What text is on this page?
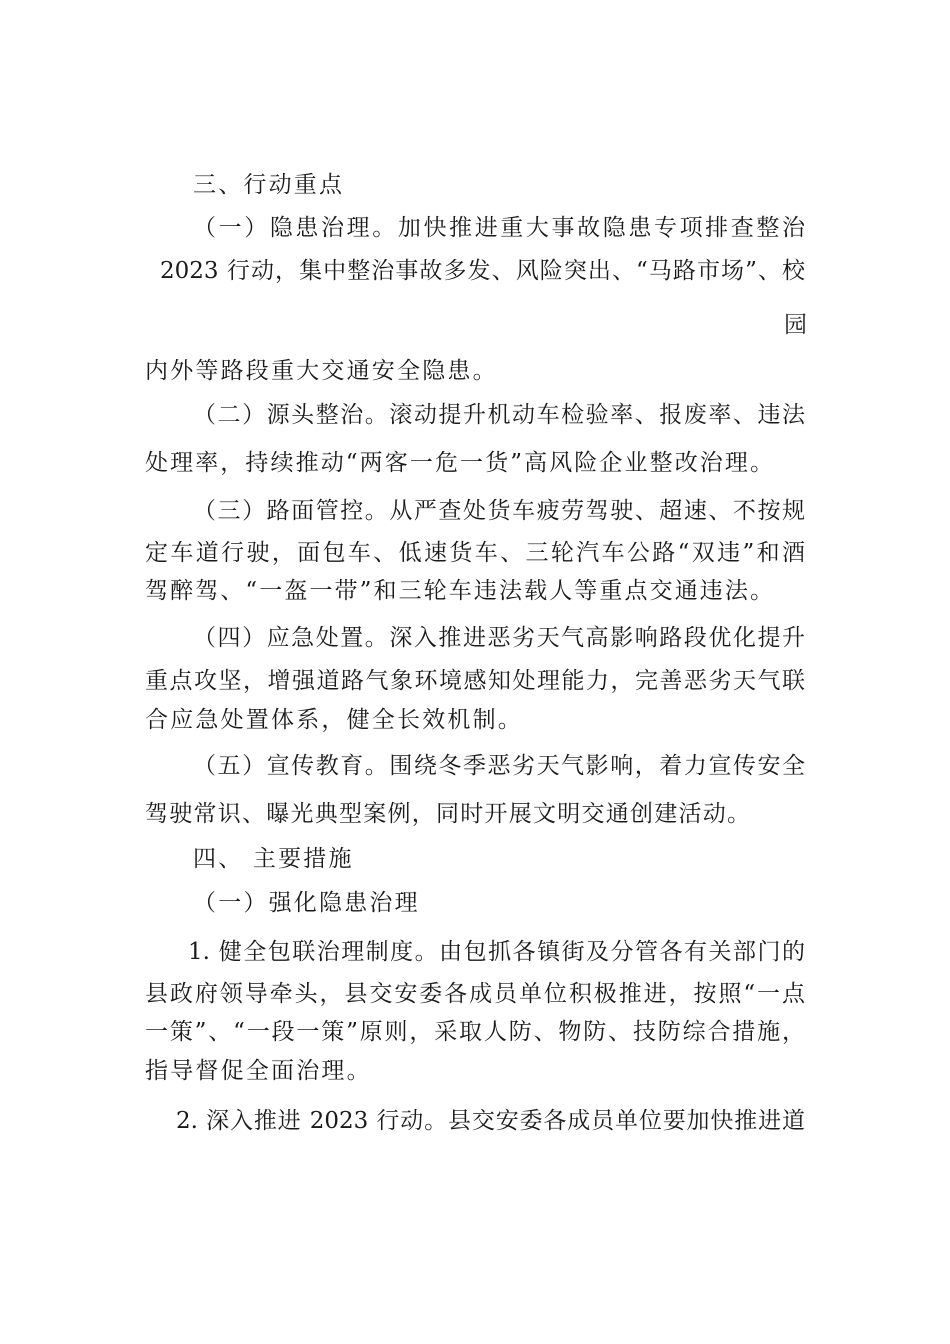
三、行动重点
（一）隐患治理。加快推进重大事故隐患专项排查整治
2023 行动，集中整治事故多发、风险突出、“马路市场”、校
园
内外等路段重大交通安全隐患。
（二）源头整治。滚动提升机动车检验率、报废率、违法
处理率，持续推动“两客一危一货”高风险企业整改治理。
（三）路面管控。从严查处货车疲劳驾驶、超速、不按规
定车道行驶，面包车、低速货车、三轮汽车公路“双违”和酒
驾醉驾、“一盔一带”和三轮车违法载人等重点交通违法。
（四）应急处置。深入推进恶劣天气高影响路段优化提升
重点攻坚，增强道路气象环境感知处理能力，完善恶劣天气联
合应急处置体系，健全长效机制。
（五）宣传教育。围绕冬季恶劣天气影响，着力宣传安全
驾驶常识、曝光典型案例，同时开展文明交通创建活动。
四、 主要措施
（一）强化隐患治理
1. 健全包联治理制度。由包抓各镇街及分管各有关部门的
县政府领导牵头，县交安委各成员单位积极推进，按照“一点
一策”、“一段一策”原则，采取人防、物防、技防综合措施，
指导督促全面治理。
2. 深入推进 2023 行动。县交安委各成员单位要加快推进道
